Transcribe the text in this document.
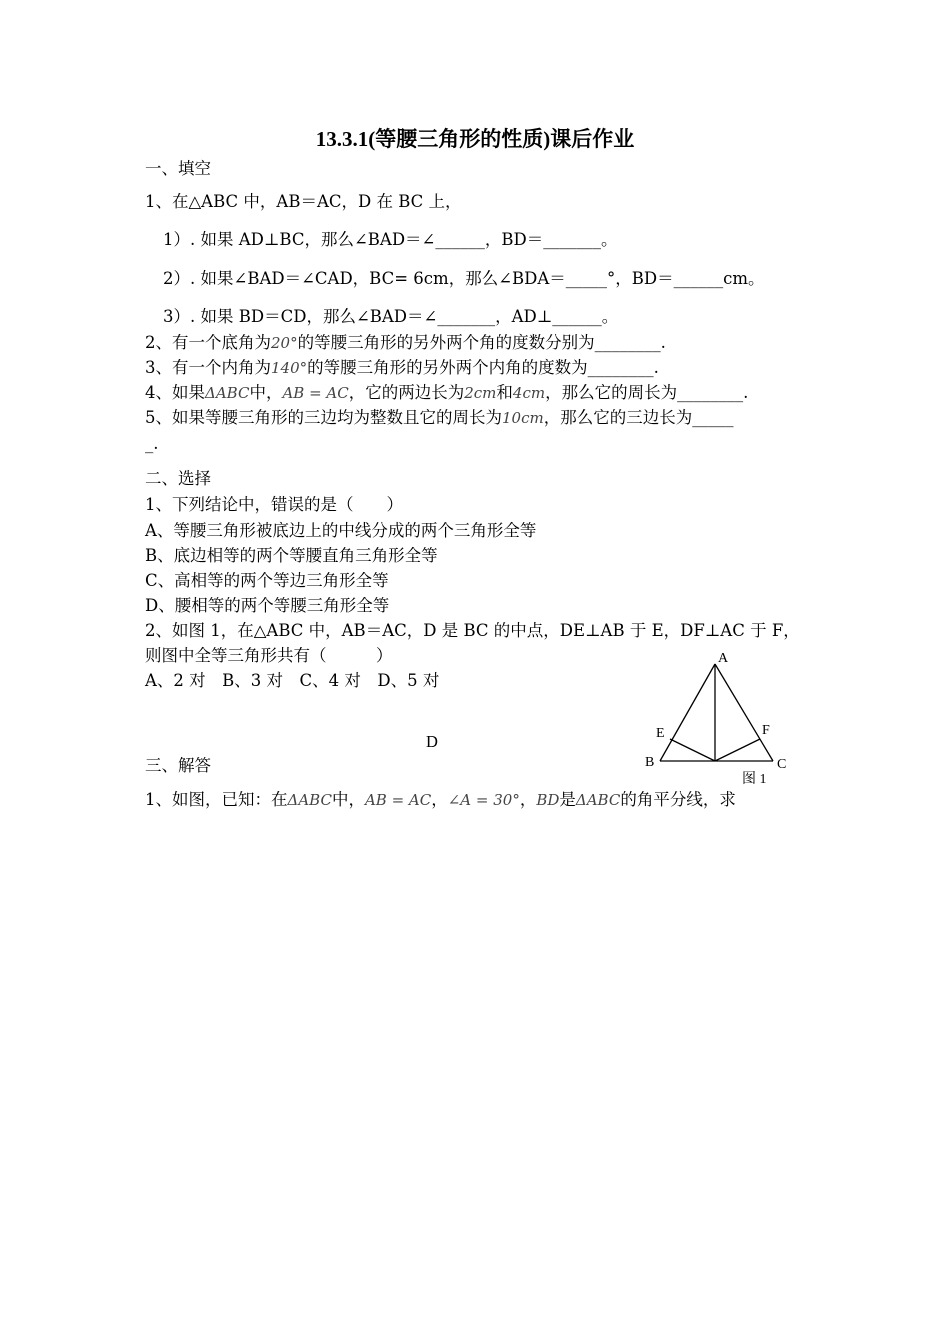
13.3.1(等腰三角形的性质)课后作业
一、填空
1、在△ABC 中，AB＝AC，D 在 BC 上，
1）. 如果 AD⊥BC，那么∠BAD＝∠______，BD＝_______。
2）. 如果∠BAD＝∠CAD，BC= 6cm，那么∠BDA＝_____°，BD＝______cm。
3）. 如果 BD＝CD，那么∠BAD＝∠_______，AD⊥______。
2、有一个底角为20°的等腰三角形的另外两个角的度数分别为________.
3、有一个内角为140°的等腰三角形的另外两个内角的度数为________.
4、如果ΔABC中，AB = AC，它的两边长为2cm和4cm，那么它的周长为________.
5、如果等腰三角形的三边均为整数且它的周长为10cm，那么它的三边长为_____
_.
二、选择
1、下列结论中，错误的是（　　）
A、等腰三角形被底边上的中线分成的两个三角形全等
B、底边相等的两个等腰直角三角形全等
C、高相等的两个等边三角形全等
D、腰相等的两个等腰三角形全等
2、如图 1，在△ABC 中，AB＝AC，D 是 BC 的中点，DE⊥AB 于 E，DF⊥AC 于 F，
则图中全等三角形共有（　　　）
A、2 对　B、3 对　C、4 对　D、5 对
A
B	C
E	F
图 1
D
三、解答
1、如图，已知：在ΔABC中，AB = AC，∠A = 30°，BD是ΔABC的角平分线，求
